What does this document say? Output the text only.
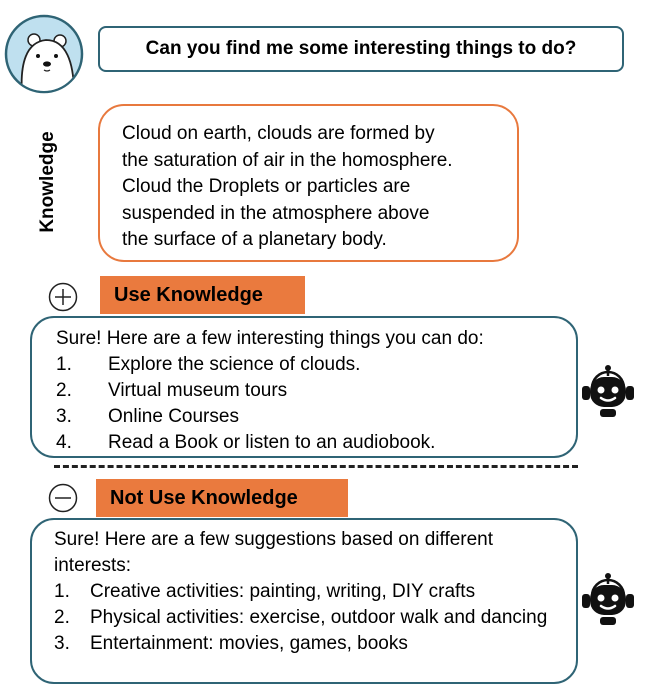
Can you find me some interesting things to do?
Knowledge	Cloud on earth, clouds are formed by

the saturation of air in the homosphere.

Cloud the Droplets or particles are

suspended in the atmosphere above

the surface of a planetary body.

Use Knowledge

Sure! Here are a few interesting things you can do:

1.	Explore the science of clouds.
2.	Virtual museum tours
3.	Online Courses
4.	Read a Book or listen to an audiobook.
Not Use Knowledge

Sure! Here are a few suggestions based on different interests:

1.	Creative activities: painting, writing, DIY crafts
2.	Physical activities: exercise, outdoor walk and dancing
3.	Entertainment: movies, games, books
